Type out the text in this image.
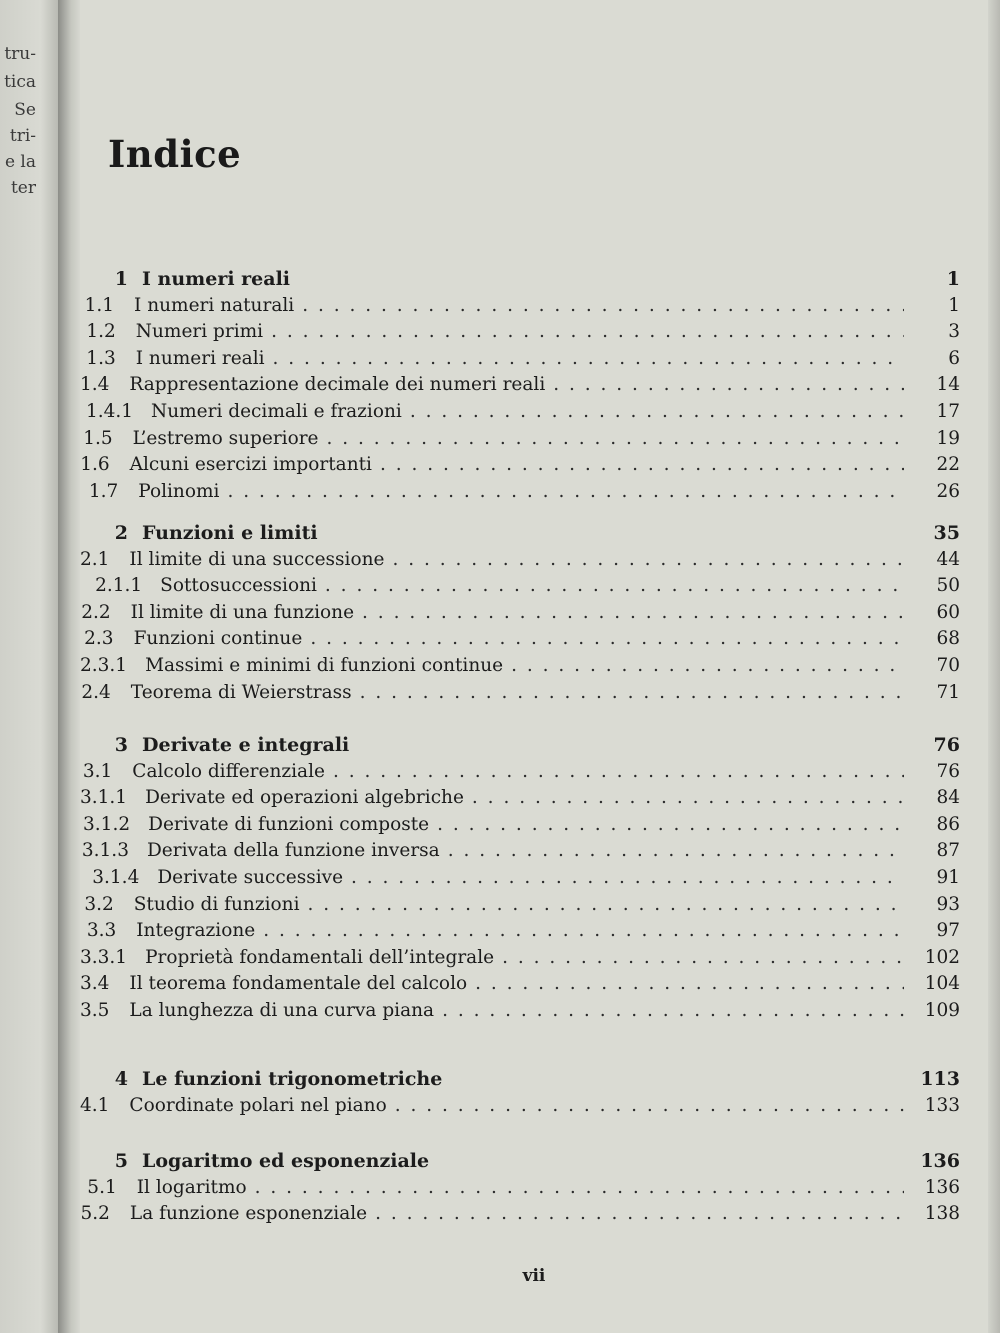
tru-
tica
Se
tri-
e la
ter
Indice
1 I numeri reali	1
1.1	I numeri naturali . . .	1
1.2	Numeri primi . . .	3
1.3	I numeri reali . . .	6
1.4	Rappresentazione decimale dei numeri reali . . .	14
1.4.1 Numeri decimali e frazioni . . .	17
1.5	L’estremo superiore . . .	19
1.6	Alcuni esercizi importanti . . .	22
1.7	Polinomi . . .	26
2 Funzioni e limiti	35
2.1	Il limite di una successione . . .	44
2.1.1 Sottosuccessioni . . .	50
2.2	Il limite di una funzione . . .	60
2.3	Funzioni continue . . .	68
2.3.1 Massimi e minimi di funzioni continue . . .	70
2.4	Teorema di Weierstrass . . .	71
3 Derivate e integrali	76
3.1	Calcolo differenziale . . .	76
3.1.1 Derivate ed operazioni algebriche . . .	84
3.1.2 Derivate di funzioni composte . . .	86
3.1.3 Derivata della funzione inversa . . .	87
3.1.4 Derivate successive . . .	91
3.2	Studio di funzioni . . .	93
3.3	Integrazione . . .	97
3.3.1 Proprietà fondamentali dell’integrale . . .	102
3.4	Il teorema fondamentale del calcolo . . .	104
3.5	La lunghezza di una curva piana . . .	109
4 Le funzioni trigonometriche	113
4.1	Coordinate polari nel piano . . .	133
5 Logaritmo ed esponenziale	136
5.1	Il logaritmo . . .	136
5.2	La funzione esponenziale . . .	138
vii
